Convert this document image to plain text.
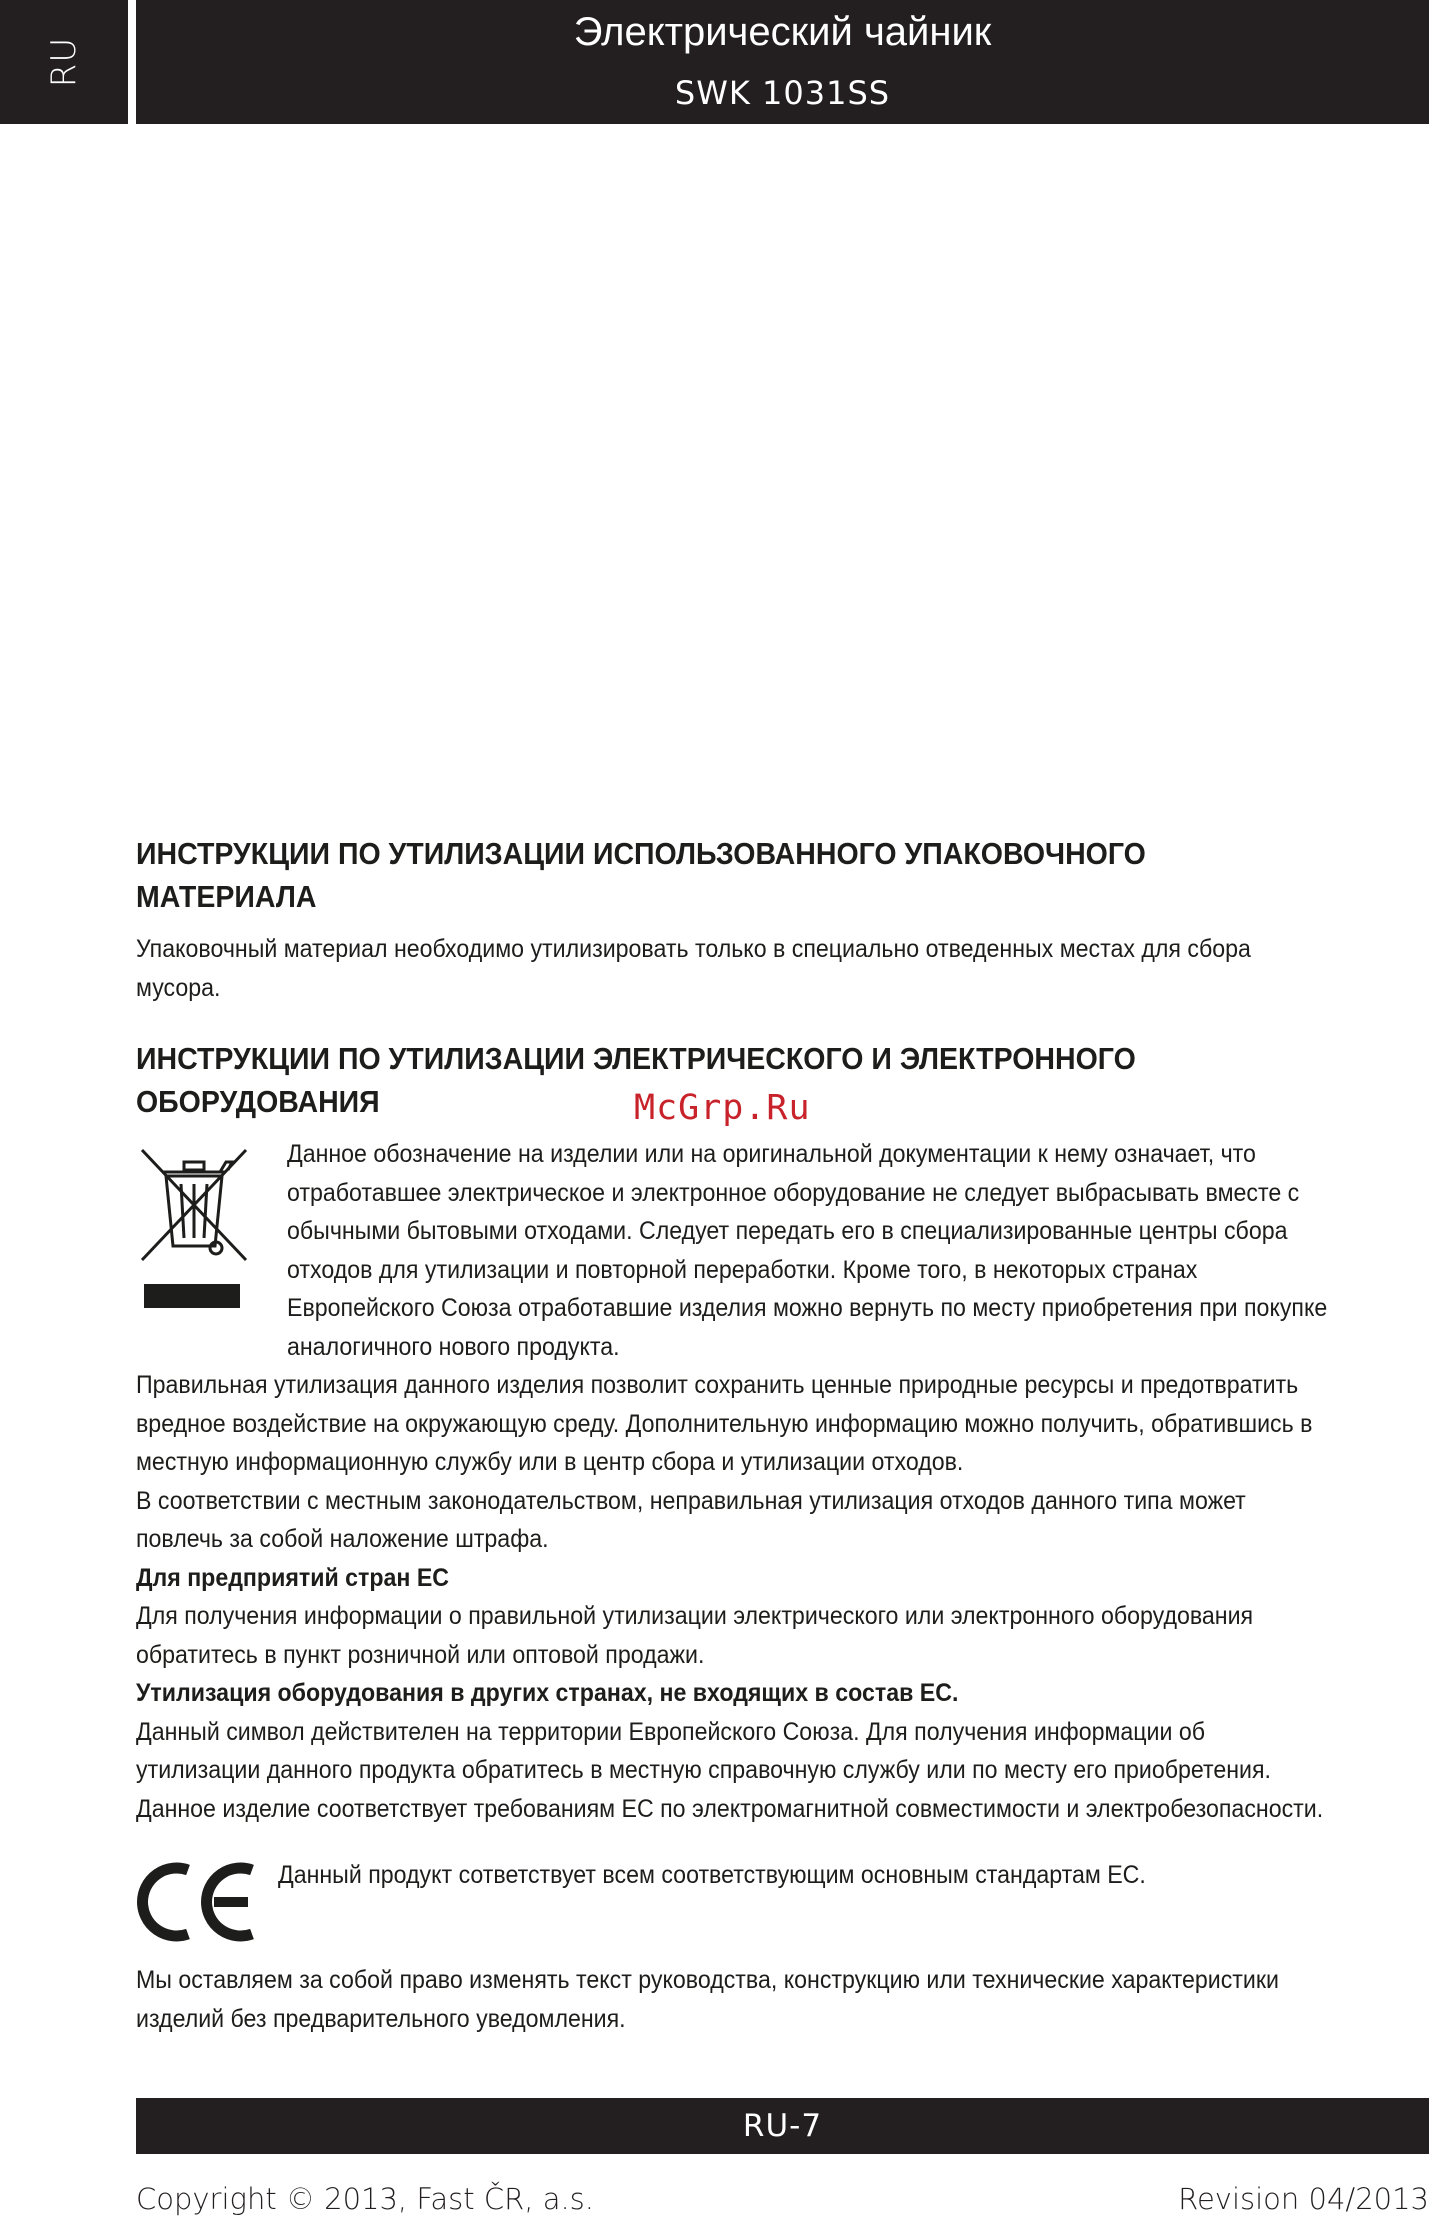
RU
Электрический чайник
SWK 1031SS
ИНСТРУКЦИИ ПО УТИЛИЗАЦИИ ИСПОЛЬЗОВАННОГО УПАКОВОЧНОГО
МАТЕРИАЛА
Упаковочный материал необходимо утилизировать только в специально отведенных местах для сбора
мусора.
ИНСТРУКЦИИ ПО УТИЛИЗАЦИИ ЭЛЕКТРИЧЕСКОГО И ЭЛЕКТРОННОГО
ОБОРУДОВАНИЯ
Данное обозначение на изделии или на оригинальной документации к нему означает, что
отработавшее электрическое и электронное оборудование не следует выбрасывать вместе с
обычными бытовыми отходами. Следует передать его в специализированные центры сбора
отходов для утилизации и повторной переработки. Кроме того, в некоторых странах
Европейского Союза отработавшие изделия можно вернуть по месту приобретения при покупке
аналогичного нового продукта.
McGrp.Ru
Правильная утилизация данного изделия позволит сохранить ценные природные ресурсы и предотвратить
вредное воздействие на окружающую среду. Дополнительную информацию можно получить, обратившись в
местную информационную службу или в центр сбора и утилизации отходов.
В соответствии с местным законодательством, неправильная утилизация отходов данного типа может
повлечь за собой наложение штрафа.
Для предприятий стран ЕС
Для получения информации о правильной утилизации электрического или электронного оборудования
обратитесь в пункт розничной или оптовой продажи.
Утилизация оборудования в других странах, не входящих в состав ЕС.
Данный символ действителен на территории Европейского Союза. Для получения информации об
утилизации данного продукта обратитесь в местную справочную службу или по месту его приобретения.
Данное изделие соответствует требованиям ЕС по электромагнитной совместимости и электробезопасности.
Данный продукт сответствует всем соответствующим основным стандартам ЕС.
Мы оставляем за собой право изменять текст руководства, конструкцию или технические характеристики
изделий без предварительного уведомления.
RU-7
Copyright © 2013, Fast ČR, a.s.	Revision 04/2013
